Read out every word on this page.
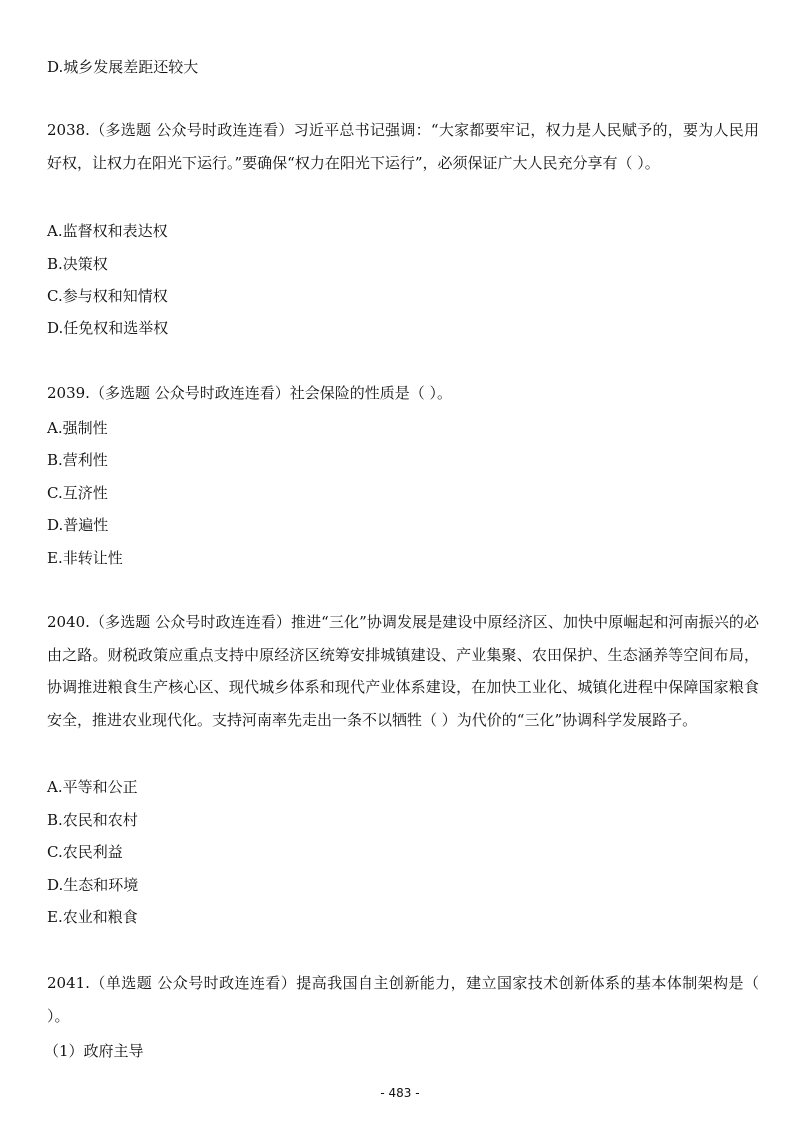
D.城乡发展差距还较大
2038.（多选题 公众号时政连连看）习近平总书记强调：“大家都要牢记，权力是人民赋予的，要为人民用好权，让权力在阳光下运行。”要确保“权力在阳光下运行”，必须保证广大人民充分享有（ ）。
A.监督权和表达权
B.决策权
C.参与权和知情权
D.任免权和选举权
2039.（多选题 公众号时政连连看）社会保险的性质是（ ）。
A.强制性
B.营利性
C.互济性
D.普遍性
E.非转让性
2040.（多选题 公众号时政连连看）推进“三化”协调发展是建设中原经济区、加快中原崛起和河南振兴的必由之路。财税政策应重点支持中原经济区统筹安排城镇建设、产业集聚、农田保护、生态涵养等空间布局，协调推进粮食生产核心区、现代城乡体系和现代产业体系建设，在加快工业化、城镇化进程中保障国家粮食安全，推进农业现代化。支持河南率先走出一条不以牺牲（ ）为代价的“三化”协调科学发展路子。
A.平等和公正
B.农民和农村
C.农民利益
D.生态和环境
E.农业和粮食
2041.（单选题 公众号时政连连看）提高我国自主创新能力，建立国家技术创新体系的基本体制架构是（ ）。
（1）政府主导
- 483 -
